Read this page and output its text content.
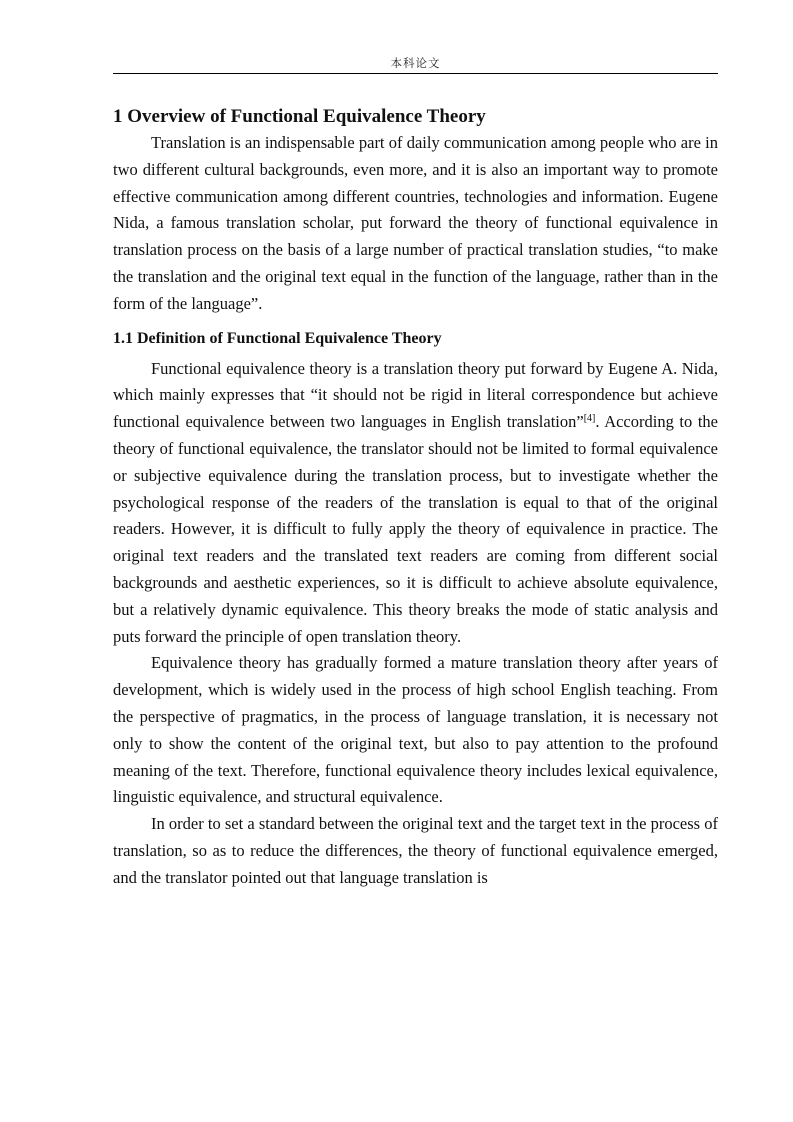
本科论文
1 Overview of Functional Equivalence Theory

Translation is an indispensable part of daily communication among people who are in two different cultural backgrounds, even more, and it is also an important way to promote effective communication among different countries, technologies and information. Eugene Nida, a famous translation scholar, put forward the theory of functional equivalence in translation process on the basis of a large number of practical translation studies, “to make the translation and the original text equal in the function of the language, rather than in the form of the language”.

1.1 Definition of Functional Equivalence Theory

Functional equivalence theory is a translation theory put forward by Eugene A. Nida, which mainly expresses that “it should not be rigid in literal correspondence but achieve functional equivalence between two languages in English translation”[4]. According to the theory of functional equivalence, the translator should not be limited to formal equivalence or subjective equivalence during the translation process, but to investigate whether the psychological response of the readers of the translation is equal to that of the original readers. However, it is difficult to fully apply the theory of equivalence in practice. The original text readers and the translated text readers are coming from different social backgrounds and aesthetic experiences, so it is difficult to achieve absolute equivalence, but a relatively dynamic equivalence. This theory breaks the mode of static analysis and puts forward the principle of open translation theory.

Equivalence theory has gradually formed a mature translation theory after years of development, which is widely used in the process of high school English teaching. From the perspective of pragmatics, in the process of language translation, it is necessary not only to show the content of the original text, but also to pay attention to the profound meaning of the text. Therefore, functional equivalence theory includes lexical equivalence, linguistic equivalence, and structural equivalence.

In order to set a standard between the original text and the target text in the process of translation, so as to reduce the differences, the theory of functional equivalence emerged, and the translator pointed out that language translation is
